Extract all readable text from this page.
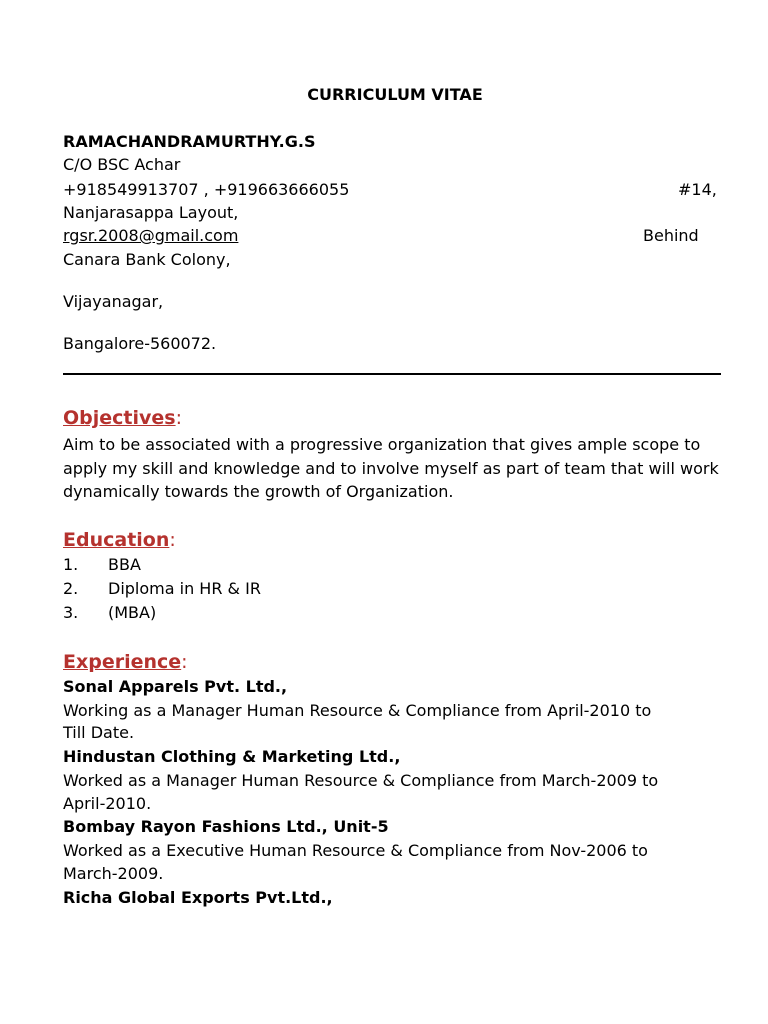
CURRICULUM VITAE
RAMACHANDRAMURTHY.G.S
C/O BSC Achar
+918549913707 , +919663666055	#14,
Nanjarasappa Layout,
rgsr.2008@gmail.com	Behind
Canara Bank Colony,
Vijayanagar,
Bangalore-560072.
Objectives:
Aim to be associated with a progressive organization that gives ample scope to apply my skill and knowledge and to involve myself as part of team that will work dynamically towards the growth of Organization.
Education:
1. BBA
2. Diploma in HR & IR
3. (MBA)
Experience:
Sonal Apparels Pvt. Ltd.,
Working as a Manager Human Resource & Compliance from April-2010 to
Till Date.
Hindustan Clothing & Marketing Ltd.,
Worked as a Manager Human Resource & Compliance from March-2009 to
April-2010.
Bombay Rayon Fashions Ltd., Unit-5
Worked as a Executive Human Resource & Compliance from Nov-2006 to
March-2009.
Richa Global Exports Pvt.Ltd.,
